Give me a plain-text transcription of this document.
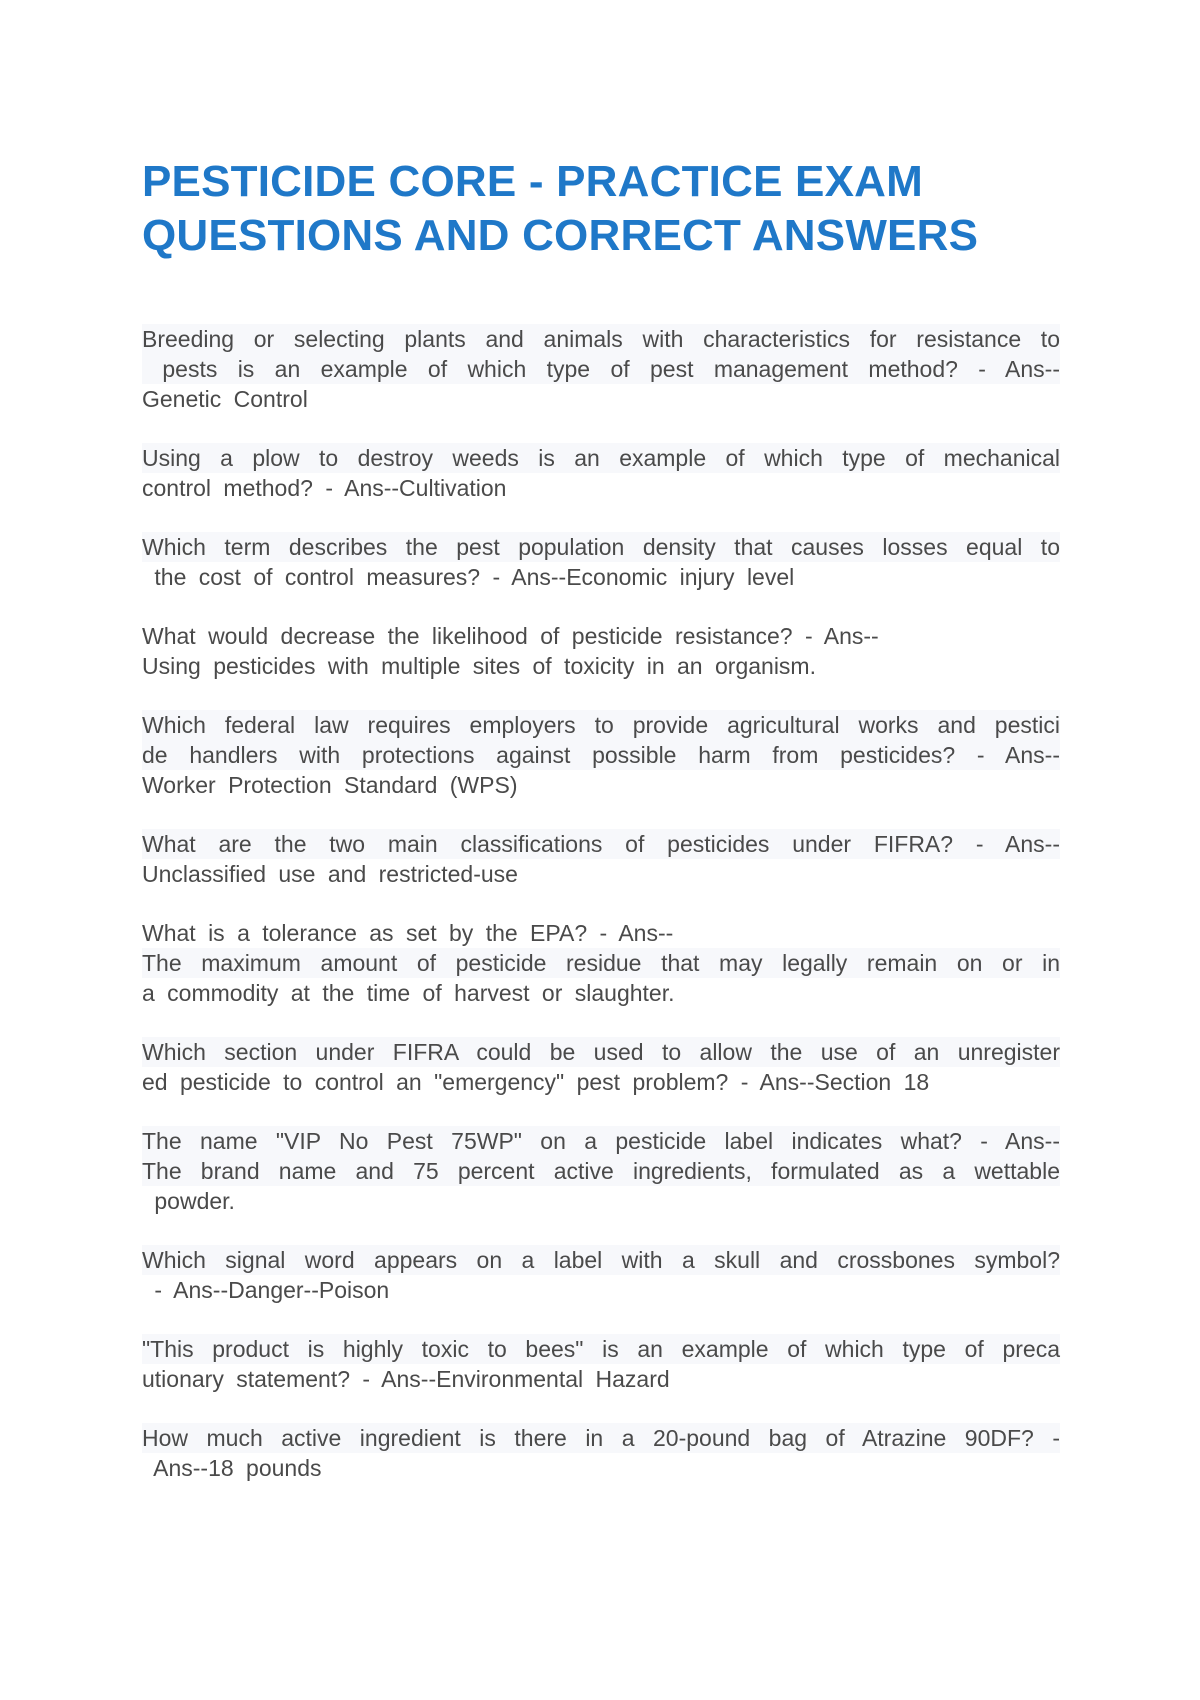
PESTICIDE CORE - PRACTICE EXAM
QUESTIONS AND CORRECT ANSWERS
Breeding or selecting plants and animals with characteristics for resistance to
pests is an example of which type of pest management method? - Ans--
Genetic Control
Using a plow to destroy weeds is an example of which type of mechanical
control method? - Ans--Cultivation
Which term describes the pest population density that causes losses equal to
the cost of control measures? - Ans--Economic injury level
What would decrease the likelihood of pesticide resistance? - Ans--
Using pesticides with multiple sites of toxicity in an organism.
Which federal law requires employers to provide agricultural works and pestici
de handlers with protections against possible harm from pesticides? - Ans--
Worker Protection Standard (WPS)
What are the two main classifications of pesticides under FIFRA? - Ans--
Unclassified use and restricted-use
What is a tolerance as set by the EPA? - Ans--
The maximum amount of pesticide residue that may legally remain on or in
a commodity at the time of harvest or slaughter.
Which section under FIFRA could be used to allow the use of an unregister
ed pesticide to control an "emergency" pest problem? - Ans--Section 18
The name "VIP No Pest 75WP" on a pesticide label indicates what? - Ans--
The brand name and 75 percent active ingredients, formulated as a wettable
powder.
Which signal word appears on a label with a skull and crossbones symbol?
- Ans--Danger--Poison
"This product is highly toxic to bees" is an example of which type of preca
utionary statement? - Ans--Environmental Hazard
How much active ingredient is there in a 20-pound bag of Atrazine 90DF? -
Ans--18 pounds
